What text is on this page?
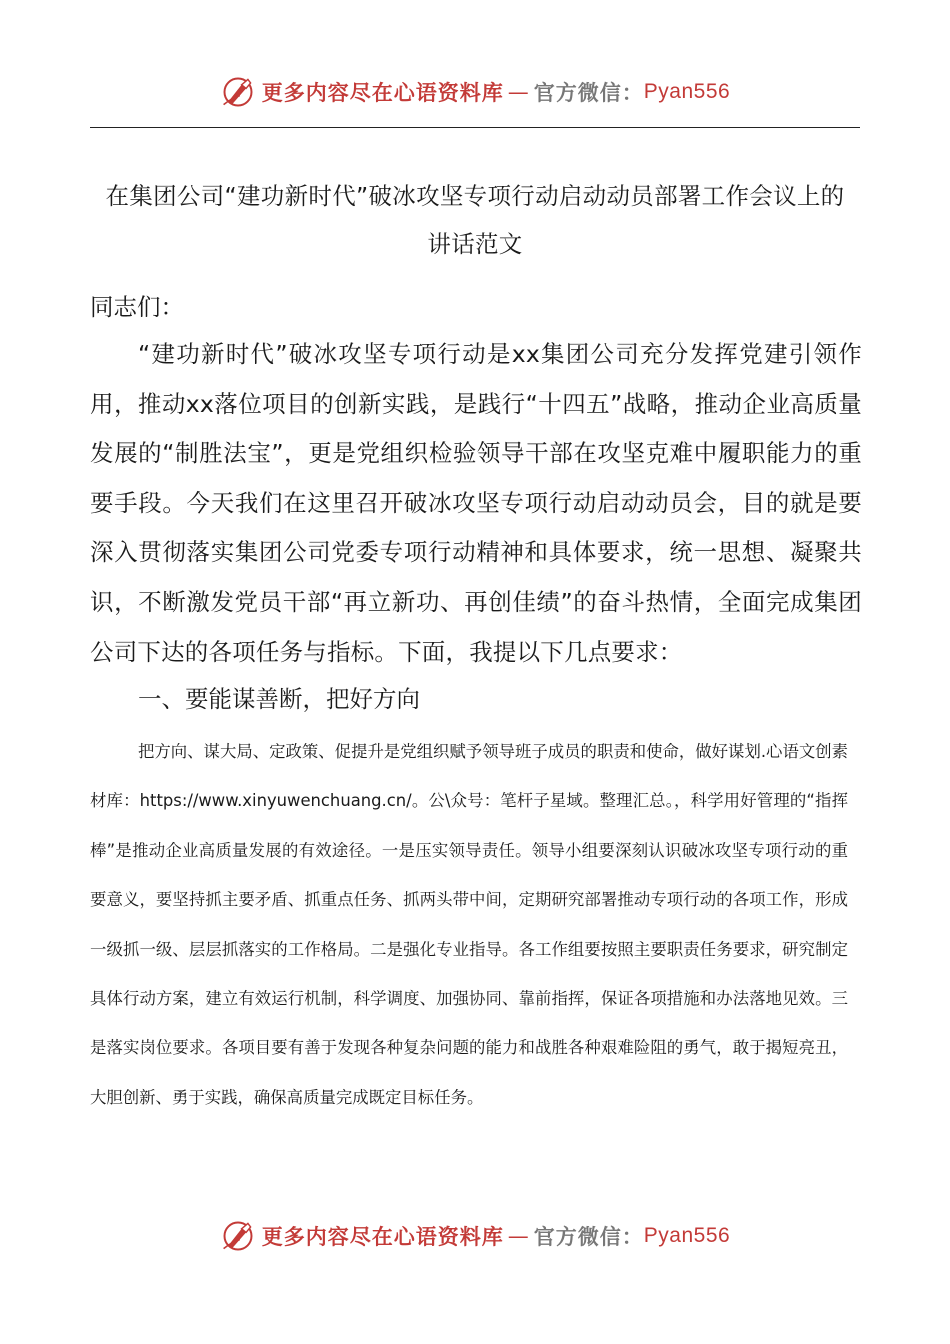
更多内容尽在心语资料库 — 官方微信： Pyan556
在集团公司“建功新时代”破冰攻坚专项行动启动动员部署工作会议上的
讲话范文
同志们：

“建功新时代”破冰攻坚专项行动是xx集团公司充分发挥党建引领作用，推动xx落位项目的创新实践，是践行“十四五”战略，推动企业高质量发展的“制胜法宝”，更是党组织检验领导干部在攻坚克难中履职能力的重要手段。今天我们在这里召开破冰攻坚专项行动启动动员会，目的就是要深入贯彻落实集团公司党委专项行动精神和具体要求，统一思想、凝聚共识，不断激发党员干部“再立新功、再创佳绩”的奋斗热情，全面完成集团公司下达的各项任务与指标。下面，我提以下几点要求：

一、要能谋善断，把好方向

把方向、谋大局、定政策、促提升是党组织赋予领导班子成员的职责和使命，做好谋划.心语文创素材库：https://www.xinyuwenchuang.cn/。公\众号：笔杆子星域。整理汇总。，科学用好管理的“指挥棒”是推动企业高质量发展的有效途径。一是压实领导责任。领导小组要深刻认识破冰攻坚专项行动的重要意义，要坚持抓主要矛盾、抓重点任务、抓两头带中间，定期研究部署推动专项行动的各项工作，形成一级抓一级、层层抓落实的工作格局。二是强化专业指导。各工作组要按照主要职责任务要求，研究制定具体行动方案，建立有效运行机制，科学调度、加强协同、靠前指挥，保证各项措施和办法落地见效。三是落实岗位要求。各项目要有善于发现各种复杂问题的能力和战胜各种艰难险阻的勇气，敢于揭短亮丑，大胆创新、勇于实践，确保高质量完成既定目标任务。

更多内容尽在心语资料库 — 官方微信： Pyan556
